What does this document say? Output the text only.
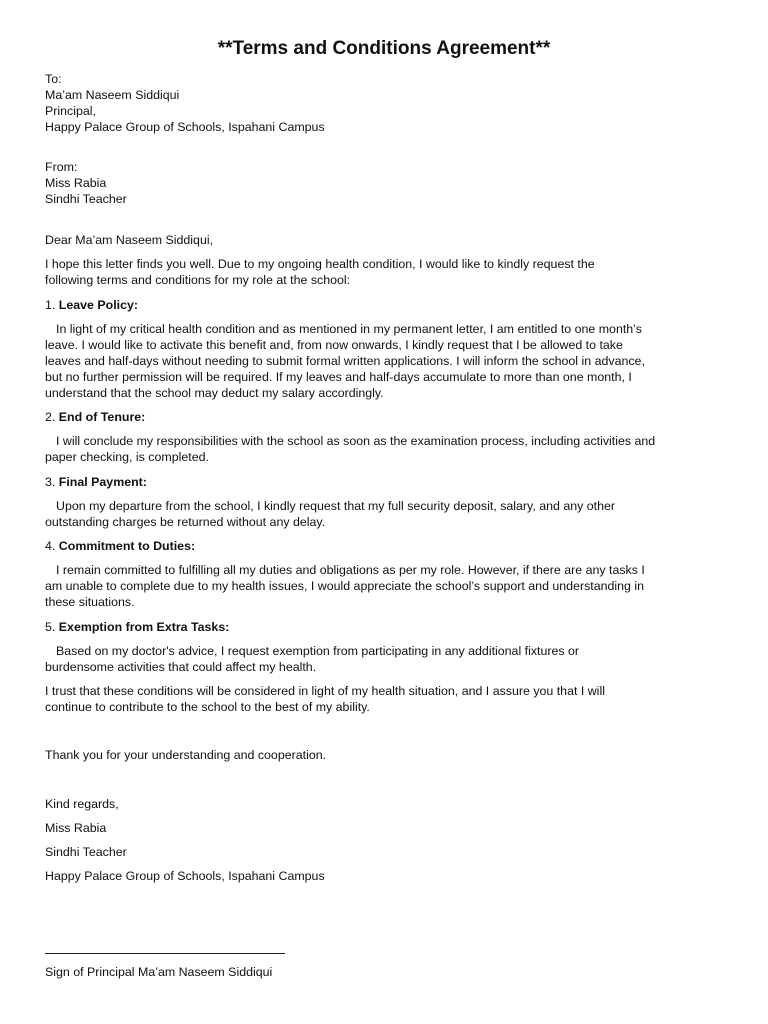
**Terms and Conditions Agreement**
To:
Ma’am Naseem Siddiqui
Principal,
Happy Palace Group of Schools, Ispahani Campus
From:
Miss Rabia
Sindhi Teacher
Dear Ma’am Naseem Siddiqui,
I hope this letter finds you well. Due to my ongoing health condition, I would like to kindly request the
following terms and conditions for my role at the school:
1. Leave Policy:
In light of my critical health condition and as mentioned in my permanent letter, I am entitled to one month’s
leave. I would like to activate this benefit and, from now onwards, I kindly request that I be allowed to take
leaves and half-days without needing to submit formal written applications. I will inform the school in advance,
but no further permission will be required. If my leaves and half-days accumulate to more than one month, I
understand that the school may deduct my salary accordingly.
2. End of Tenure:
I will conclude my responsibilities with the school as soon as the examination process, including activities and
paper checking, is completed.
3. Final Payment:
Upon my departure from the school, I kindly request that my full security deposit, salary, and any other
outstanding charges be returned without any delay.
4. Commitment to Duties:
I remain committed to fulfilling all my duties and obligations as per my role. However, if there are any tasks I
am unable to complete due to my health issues, I would appreciate the school’s support and understanding in
these situations.
5. Exemption from Extra Tasks:
Based on my doctor's advice, I request exemption from participating in any additional fixtures or
burdensome activities that could affect my health.
I trust that these conditions will be considered in light of my health situation, and I assure you that I will
continue to contribute to the school to the best of my ability.
Thank you for your understanding and cooperation.
Kind regards,
Miss Rabia
Sindhi Teacher
Happy Palace Group of Schools, Ispahani Campus
Sign of Principal Ma’am Naseem Siddiqui
